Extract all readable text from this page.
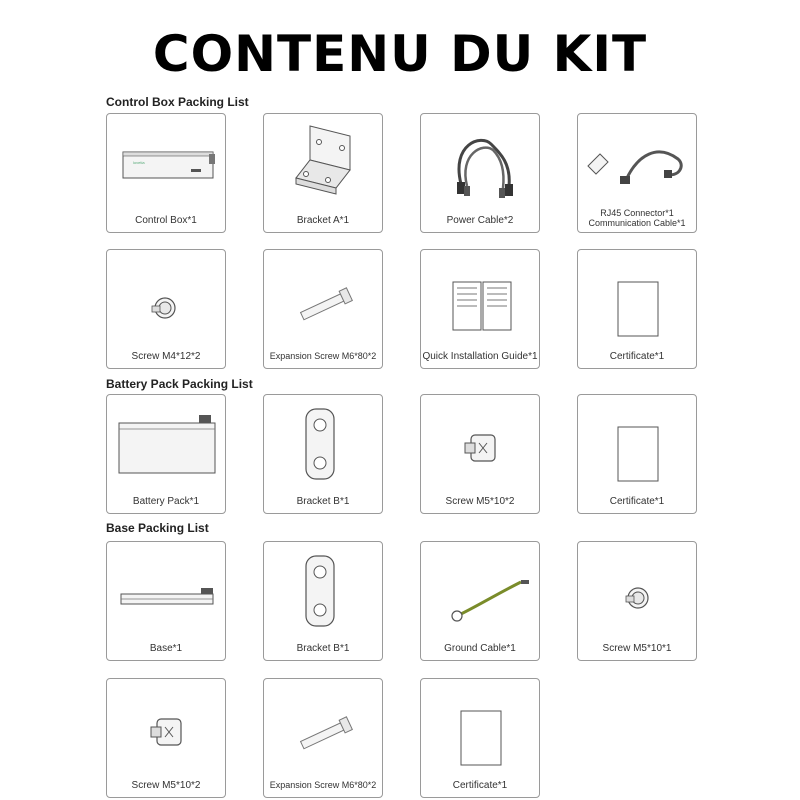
CONTENU DU KIT
Control Box Packing List
lovetia
Control Box*1	Bracket A*1	Power Cable*2
RJ45 Connector*1
Communication Cable*1
Screw M4*12*2	Expansion Screw M6*80*2	Quick Installation Guide*1	Certificate*1
Battery Pack Packing List
Battery Pack*1	Bracket B*1	Screw M5*10*2	Certificate*1
Base Packing List
Base*1	Bracket B*1	Ground Cable*1	Screw M5*10*1
Screw M5*10*2	Expansion Screw M6*80*2	Certificate*1
